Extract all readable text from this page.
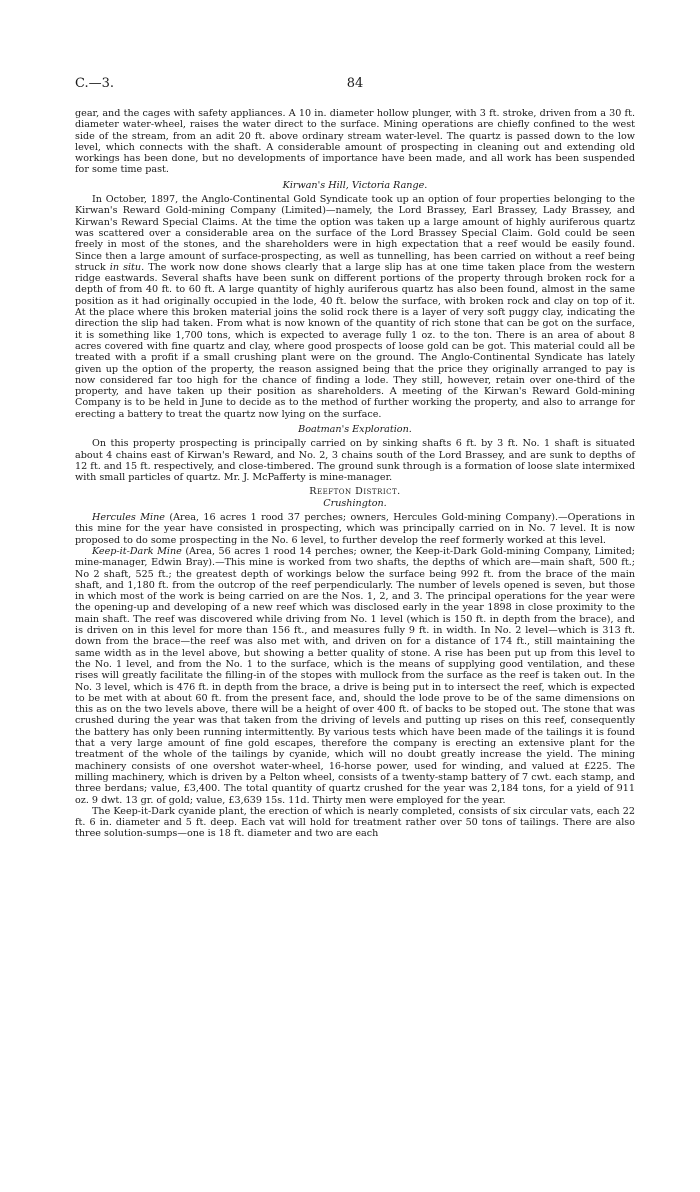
C.—3.	84

gear, and the cages with safety appliances. A 10 in. diameter hollow plunger, with 3 ft. stroke, driven from a 30 ft. diameter water-wheel, raises the water direct to the surface. Mining operations are chiefly confined to the west side of the stream, from an adit 20 ft. above ordinary stream water-level. The quartz is passed down to the low level, which connects with the shaft. A considerable amount of prospecting in cleaning out and extending old workings has been done, but no developments of importance have been made, and all work has been suspended for some time past.

Kirwan's Hill, Victoria Range.

In October, 1897, the Anglo-Continental Gold Syndicate took up an option of four properties belonging to the Kirwan's Reward Gold-mining Company (Limited)—namely, the Lord Brassey, Earl Brassey, Lady Brassey, and Kirwan's Reward Special Claims. At the time the option was taken up a large amount of highly auriferous quartz was scattered over a considerable area on the surface of the Lord Brassey Special Claim. Gold could be seen freely in most of the stones, and the shareholders were in high expectation that a reef would be easily found. Since then a large amount of surface-prospecting, as well as tunnelling, has been carried on without a reef being struck in situ. The work now done shows clearly that a large slip has at one time taken place from the western ridge eastwards. Several shafts have been sunk on different portions of the property through broken rock for a depth of from 40 ft. to 60 ft. A large quantity of highly auriferous quartz has also been found, almost in the same position as it had originally occupied in the lode, 40 ft. below the surface, with broken rock and clay on top of it. At the place where this broken material joins the solid rock there is a layer of very soft puggy clay, indicating the direction the slip had taken. From what is now known of the quantity of rich stone that can be got on the surface, it is something like 1,700 tons, which is expected to average fully 1 oz. to the ton. There is an area of about 8 acres covered with fine quartz and clay, where good prospects of loose gold can be got. This material could all be treated with a profit if a small crushing plant were on the ground. The Anglo-Continental Syndicate has lately given up the option of the property, the reason assigned being that the price they originally arranged to pay is now considered far too high for the chance of finding a lode. They still, however, retain over one-third of the property, and have taken up their position as shareholders. A meeting of the Kirwan's Reward Gold-mining Company is to be held in June to decide as to the method of further working the property, and also to arrange for erecting a battery to treat the quartz now lying on the surface.

Boatman's Exploration.

On this property prospecting is principally carried on by sinking shafts 6 ft. by 3 ft. No. 1 shaft is situated about 4 chains east of Kirwan's Reward, and No. 2, 3 chains south of the Lord Brassey, and are sunk to depths of 12 ft. and 15 ft. respectively, and close-timbered. The ground sunk through is a formation of loose slate intermixed with small particles of quartz. Mr. J. McPafferty is mine-manager.

Reefton District.
Crushington.

Hercules Mine (Area, 16 acres 1 rood 37 perches; owners, Hercules Gold-mining Company).—Operations in this mine for the year have consisted in prospecting, which was principally carried on in No. 7 level. It is now proposed to do some prospecting in the No. 6 level, to further develop the reef formerly worked at this level.

Keep-it-Dark Mine (Area, 56 acres 1 rood 14 perches; owner, the Keep-it-Dark Gold-mining Company, Limited; mine-manager, Edwin Bray).—This mine is worked from two shafts, the depths of which are—main shaft, 500 ft.; No 2 shaft, 525 ft.; the greatest depth of workings below the surface being 992 ft. from the brace of the main shaft, and 1,180 ft. from the outcrop of the reef perpendicularly. The number of levels opened is seven, but those in which most of the work is being carried on are the Nos. 1, 2, and 3. The principal operations for the year were the opening-up and developing of a new reef which was disclosed early in the year 1898 in close proximity to the main shaft. The reef was discovered while driving from No. 1 level (which is 150 ft. in depth from the brace), and is driven on in this level for more than 156 ft., and measures fully 9 ft. in width. In No. 2 level—which is 313 ft. down from the brace—the reef was also met with, and driven on for a distance of 174 ft., still maintaining the same width as in the level above, but showing a better quality of stone. A rise has been put up from this level to the No. 1 level, and from the No. 1 to the surface, which is the means of supplying good ventilation, and these rises will greatly facilitate the filling-in of the stopes with mullock from the surface as the reef is taken out. In the No. 3 level, which is 476 ft. in depth from the brace, a drive is being put in to intersect the reef, which is expected to be met with at about 60 ft. from the present face, and, should the lode prove to be of the same dimensions on this as on the two levels above, there will be a height of over 400 ft. of backs to be stoped out. The stone that was crushed during the year was that taken from the driving of levels and putting up rises on this reef, consequently the battery has only been running intermittently. By various tests which have been made of the tailings it is found that a very large amount of fine gold escapes, therefore the company is erecting an extensive plant for the treatment of the whole of the tailings by cyanide, which will no doubt greatly increase the yield. The mining machinery consists of one overshot water-wheel, 16-horse power, used for winding, and valued at £225. The milling machinery, which is driven by a Pelton wheel, consists of a twenty-stamp battery of 7 cwt. each stamp, and three berdans; value, £3,400. The total quantity of quartz crushed for the year was 2,184 tons, for a yield of 911 oz. 9 dwt. 13 gr. of gold; value, £3,639 15s. 11d. Thirty men were employed for the year.

The Keep-it-Dark cyanide plant, the erection of which is nearly completed, consists of six circular vats, each 22 ft. 6 in. diameter and 5 ft. deep. Each vat will hold for treatment rather over 50 tons of tailings. There are also three solution-sumps—one is 18 ft. diameter and two are each
